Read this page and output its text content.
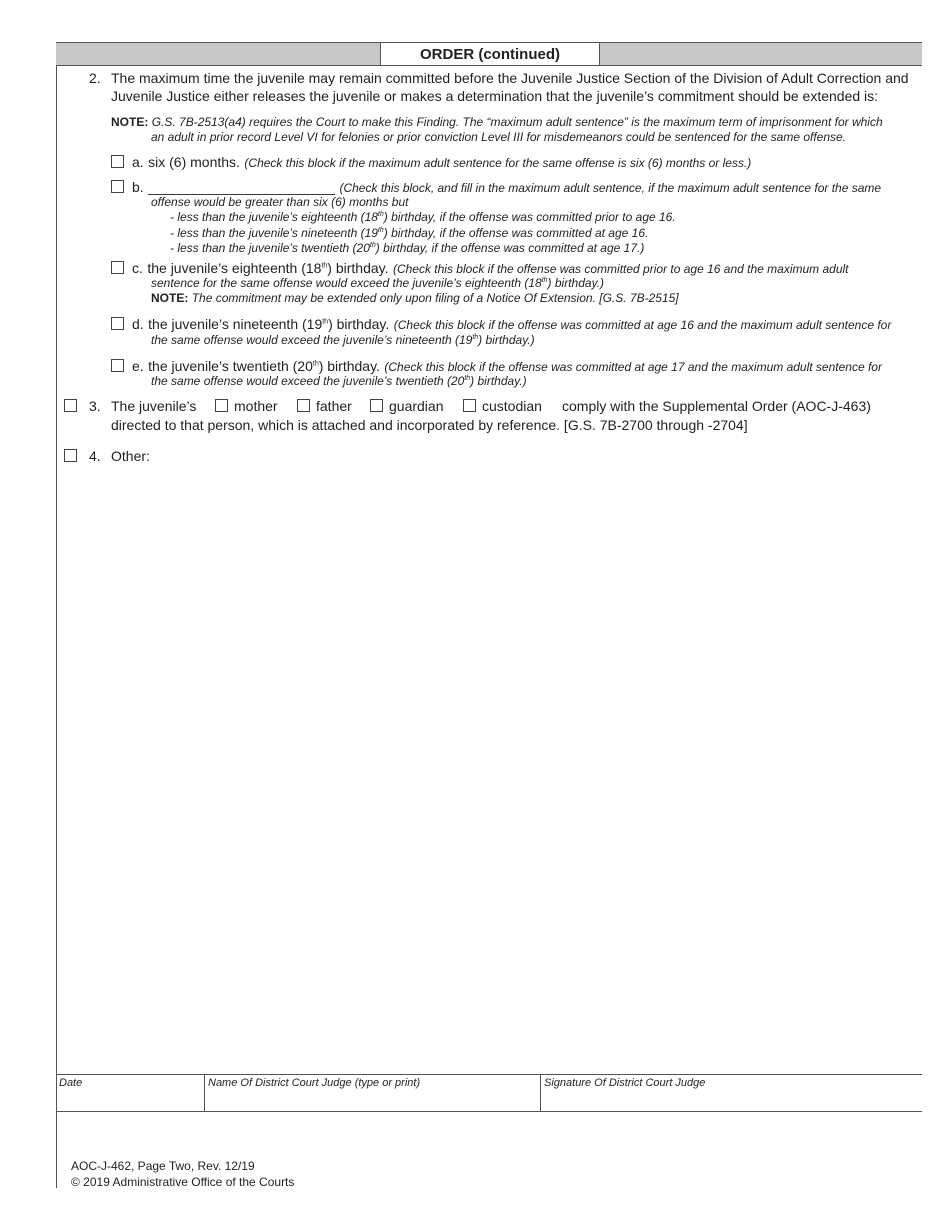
ORDER (continued)
2. The maximum time the juvenile may remain committed before the Juvenile Justice Section of the Division of Adult Correction and
Juvenile Justice either releases the juvenile or makes a determination that the juvenile’s commitment should be extended is:
NOTE: G.S. 7B-2513(a4) requires the Court to make this Finding. The “maximum adult sentence” is the maximum term of imprisonment for which
an adult in prior record Level VI for felonies or prior conviction Level III for misdemeanors could be sentenced for the same offense.
a. six (6) months. (Check this block if the maximum adult sentence for the same offense is six (6) months or less.)
b. ________________________ (Check this block, and fill in the maximum adult sentence, if the maximum adult sentence for the same
offense would be greater than six (6) months but
- less than the juvenile’s eighteenth (18th) birthday, if the offense was committed prior to age 16.
- less than the juvenile’s nineteenth (19th) birthday, if the offense was committed at age 16.
- less than the juvenile’s twentieth (20th) birthday, if the offense was committed at age 17.)
c. the juvenile’s eighteenth (18th) birthday. (Check this block if the offense was committed prior to age 16 and the maximum adult
sentence for the same offense would exceed the juvenile’s eighteenth (18th) birthday.)
NOTE: The commitment may be extended only upon filing of a Notice Of Extension. [G.S. 7B-2515]
d. the juvenile’s nineteenth (19th) birthday. (Check this block if the offense was committed at age 16 and the maximum adult sentence for
the same offense would exceed the juvenile’s nineteenth (19th) birthday.)
e. the juvenile’s twentieth (20th) birthday. (Check this block if the offense was committed at age 17 and the maximum adult sentence for
the same offense would exceed the juvenile’s twentieth (20th) birthday.)
3. The juvenile’s	mother	father	guardian	custodian comply with the Supplemental Order (AOC-J-463)
directed to that person, which is attached and incorporated by reference. [G.S. 7B-2700 through -2704]
4. Other:
Date	Name Of District Court Judge (type or print)	Signature Of District Court Judge
AOC-J-462, Page Two, Rev. 12/19
© 2019 Administrative Office of the Courts
